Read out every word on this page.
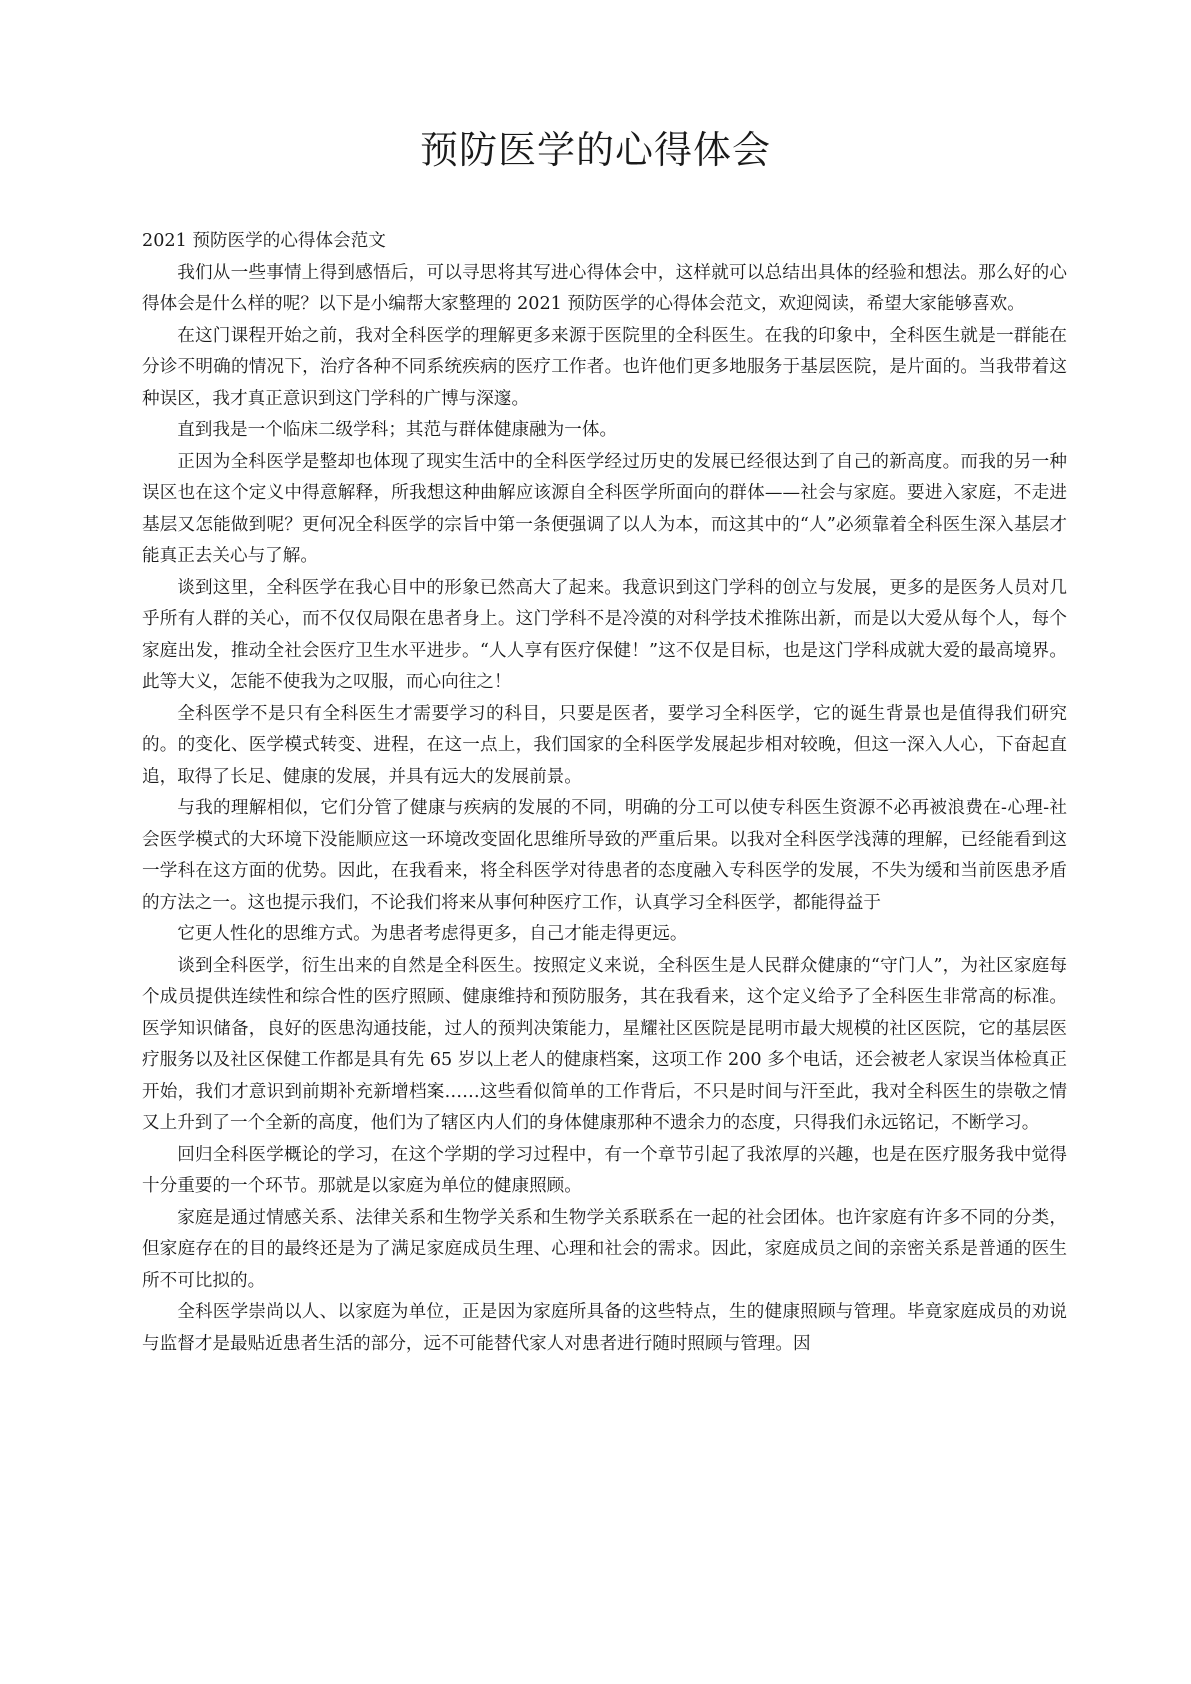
预防医学的心得体会

2021 预防医学的心得体会范文

我们从一些事情上得到感悟后，可以寻思将其写进心得体会中，这样就可以总结出具体的经验和想法。那么好的心得体会是什么样的呢？以下是小编帮大家整理的 2021 预防医学的心得体会范文，欢迎阅读，希望大家能够喜欢。

在这门课程开始之前，我对全科医学的理解更多来源于医院里的全科医生。在我的印象中，全科医生就是一群能在分诊不明确的情况下，治疗各种不同系统疾病的医疗工作者。也许他们更多地服务于基层医院，是片面的。当我带着这种误区，我才真正意识到这门学科的广博与深邃。

直到我是一个临床二级学科；其范与群体健康融为一体。

正因为全科医学是整却也体现了现实生活中的全科医学经过历史的发展已经很达到了自己的新高度。而我的另一种误区也在这个定义中得意解释，所我想这种曲解应该源自全科医学所面向的群体——社会与家庭。要进入家庭，不走进基层又怎能做到呢？更何况全科医学的宗旨中第一条便强调了以人为本，而这其中的“人”必须靠着全科医生深入基层才能真正去关心与了解。

谈到这里，全科医学在我心目中的形象已然高大了起来。我意识到这门学科的创立与发展，更多的是医务人员对几乎所有人群的关心，而不仅仅局限在患者身上。这门学科不是冷漠的对科学技术推陈出新，而是以大爱从每个人，每个家庭出发，推动全社会医疗卫生水平进步。“人人享有医疗保健！”这不仅是目标，也是这门学科成就大爱的最高境界。此等大义，怎能不使我为之叹服，而心向往之！

全科医学不是只有全科医生才需要学习的科目，只要是医者，要学习全科医学，它的诞生背景也是值得我们研究的。的变化、医学模式转变、进程，在这一点上，我们国家的全科医学发展起步相对较晚，但这一深入人心，下奋起直追，取得了长足、健康的发展，并具有远大的发展前景。

与我的理解相似，它们分管了健康与疾病的发展的不同，明确的分工可以使专科医生资源不必再被浪费在-心理-社会医学模式的大环境下没能顺应这一环境改变固化思维所导致的严重后果。以我对全科医学浅薄的理解，已经能看到这一学科在这方面的优势。因此，在我看来，将全科医学对待患者的态度融入专科医学的发展，不失为缓和当前医患矛盾的方法之一。这也提示我们，不论我们将来从事何种医疗工作，认真学习全科医学，都能得益于

它更人性化的思维方式。为患者考虑得更多，自己才能走得更远。

谈到全科医学，衍生出来的自然是全科医生。按照定义来说，全科医生是人民群众健康的“守门人”，为社区家庭每个成员提供连续性和综合性的医疗照顾、健康维持和预防服务，其在我看来，这个定义给予了全科医生非常高的标准。医学知识储备，良好的医患沟通技能，过人的预判决策能力，星耀社区医院是昆明市最大规模的社区医院，它的基层医疗服务以及社区保健工作都是具有先 65 岁以上老人的健康档案，这项工作 200 多个电话，还会被老人家误当体检真正开始，我们才意识到前期补充新增档案……这些看似简单的工作背后，不只是时间与汗至此，我对全科医生的崇敬之情又上升到了一个全新的高度，他们为了辖区内人们的身体健康那种不遗余力的态度，只得我们永远铭记，不断学习。

回归全科医学概论的学习，在这个学期的学习过程中，有一个章节引起了我浓厚的兴趣，也是在医疗服务我中觉得十分重要的一个环节。那就是以家庭为单位的健康照顾。

家庭是通过情感关系、法律关系和生物学关系和生物学关系联系在一起的社会团体。也许家庭有许多不同的分类，但家庭存在的目的最终还是为了满足家庭成员生理、心理和社会的需求。因此，家庭成员之间的亲密关系是普通的医生所不可比拟的。

全科医学崇尚以人、以家庭为单位，正是因为家庭所具备的这些特点，生的健康照顾与管理。毕竟家庭成员的劝说与监督才是最贴近患者生活的部分，远不可能替代家人对患者进行随时照顾与管理。因
